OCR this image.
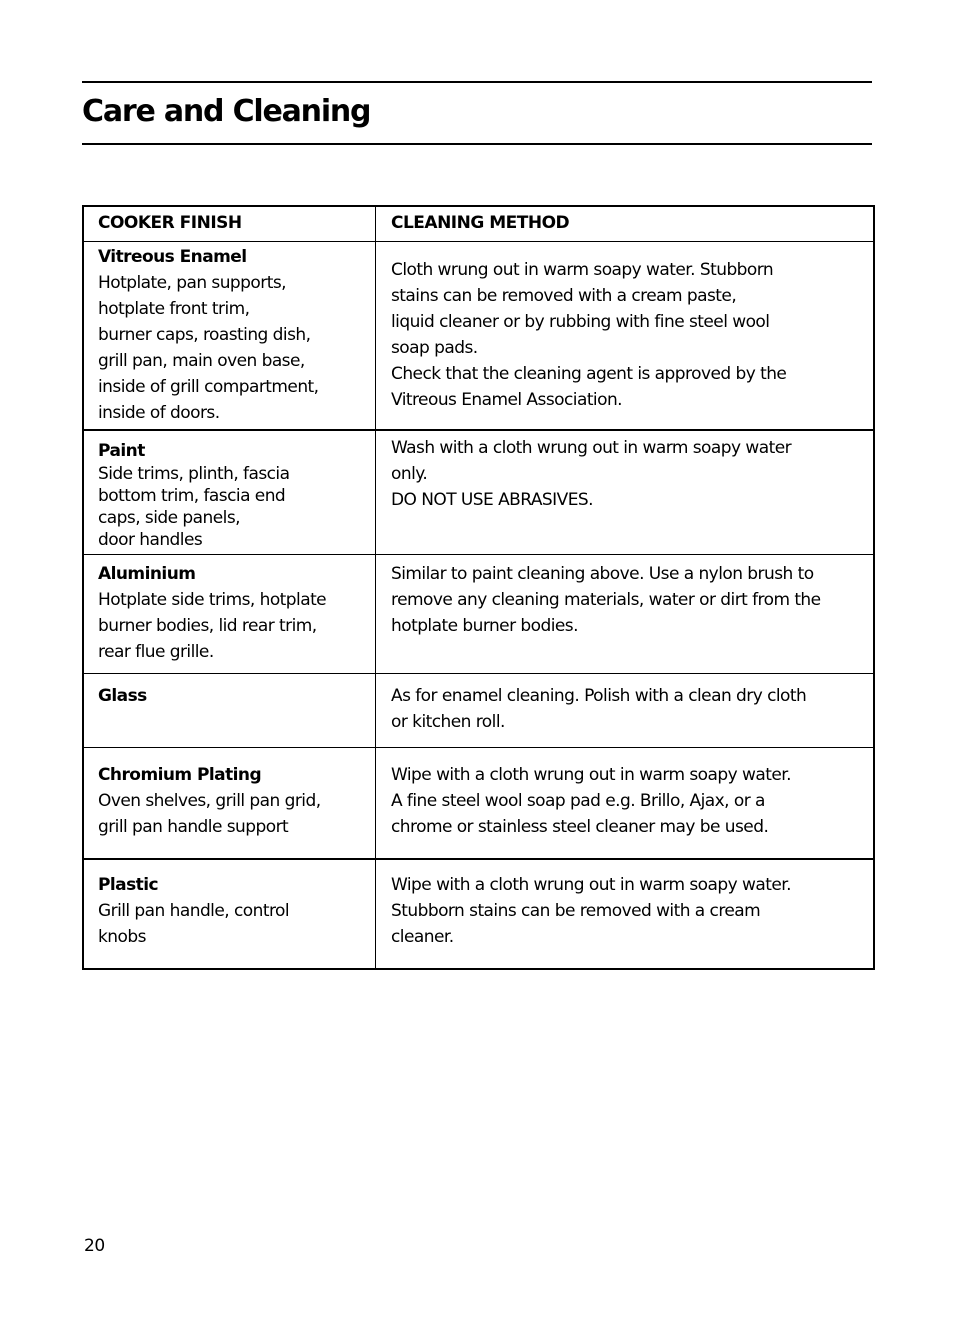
Care and Cleaning
COOKER FINISH	CLEANING METHOD
Vitreous Enamel
Hotplate, pan supports,
hotplate front trim,
burner caps, roasting dish,
grill pan, main oven base,
inside of grill compartment,
inside of doors.
Cloth wrung out in warm soapy water. Stubborn
stains can be removed with a cream paste,
liquid cleaner or by rubbing with fine steel wool
soap pads.
Check that the cleaning agent is approved by the
Vitreous Enamel Association.
Paint
Side trims, plinth, fascia
bottom trim, fascia end
caps, side panels,
door handles
Wash with a cloth wrung out in warm soapy water
only.
DO NOT USE ABRASIVES.
Aluminium
Hotplate side trims, hotplate
burner bodies, lid rear trim,
rear flue grille.
Similar to paint cleaning above. Use a nylon brush to
remove any cleaning materials, water or dirt from the
hotplate burner bodies.
Glass	As for enamel cleaning. Polish with a clean dry cloth
or kitchen roll.
Chromium Plating
Oven shelves, grill pan grid,
grill pan handle support
Wipe with a cloth wrung out in warm soapy water.
A fine steel wool soap pad e.g. Brillo, Ajax, or a
chrome or stainless steel cleaner may be used.
Plastic
Grill pan handle, control
knobs
Wipe with a cloth wrung out in warm soapy water.
Stubborn stains can be removed with a cream
cleaner.
20
